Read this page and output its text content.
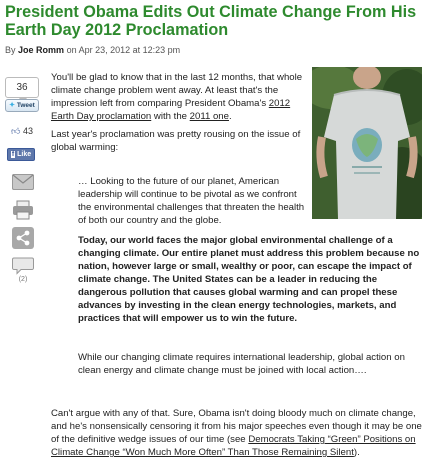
President Obama Edits Out Climate Change From His Earth Day 2012 Proclamation
By Joe Romm on Apr 23, 2012 at 12:23 pm
36
✦ Tweet
👍︎ 43
f Like
(2)
You'll be glad to know that in the last 12 months, that whole climate change problem went away. At least that's the impression left from comparing President Obama's 2012 Earth Day proclamation with the 2011 one.
Last year's proclamation was pretty rousing on the issue of global warming:
… Looking to the future of our planet, American leadership will continue to be pivotal as we confront the environmental challenges that threaten the health of both our country and the globe.
Today, our world faces the major global environmental challenge of a changing climate. Our entire planet must address this problem because no nation, however large or small, wealthy or poor, can escape the impact of climate change. The United States can be a leader in reducing the dangerous pollution that causes global warming and can propel these advances by investing in the clean energy technologies, markets, and practices that will empower us to win the future.
While our changing climate requires international leadership, global action on clean energy and climate change must be joined with local action….
Can't argue with any of that. Sure, Obama isn't doing bloody much on climate change, and he's nonsensically censoring it from his major speeches even though it may be one of the definitive wedge issues of our time (see Democrats Taking “Green” Positions on Climate Change “Won Much More Often” Than Those Remaining Silent).
